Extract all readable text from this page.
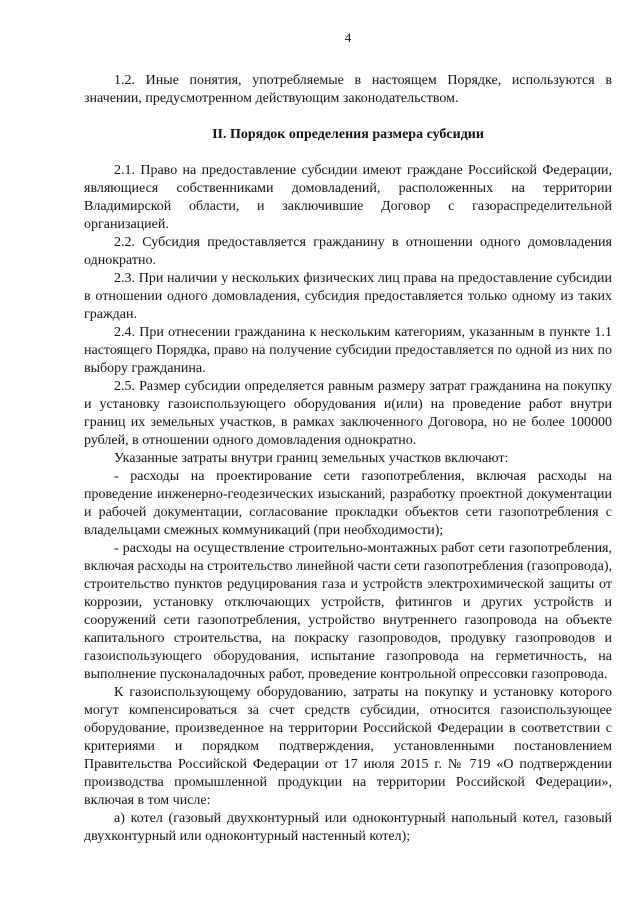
4

1.2. Иные понятия, употребляемые в настоящем Порядке, используются в значении, предусмотренном действующим законодательством.

II. Порядок определения размера субсидии

2.1. Право на предоставление субсидии имеют граждане Российской Федерации, являющиеся собственниками домовладений, расположенных на территории Владимирской области, и заключившие Договор с газораспределительной организацией.

2.2. Субсидия предоставляется гражданину в отношении одного домовладения однократно.

2.3. При наличии у нескольких физических лиц права на предоставление субсидии в отношении одного домовладения, субсидия предоставляется только одному из таких граждан.

2.4. При отнесении гражданина к нескольким категориям, указанным в пункте 1.1 настоящего Порядка, право на получение субсидии предоставляется по одной из них по выбору гражданина.

2.5. Размер субсидии определяется равным размеру затрат гражданина на покупку и установку газоиспользующего оборудования и(или) на проведение работ внутри границ их земельных участков, в рамках заключенного Договора, но не более 100000 рублей, в отношении одного домовладения однократно.

Указанные затраты внутри границ земельных участков включают:

- расходы на проектирование сети газопотребления, включая расходы на проведение инженерно-геодезических изысканий, разработку проектной документации и рабочей документации, согласование прокладки объектов сети газопотребления с владельцами смежных коммуникаций (при необходимости);

- расходы на осуществление строительно-монтажных работ сети газопотребления, включая расходы на строительство линейной части сети газопотребления (газопровода), строительство пунктов редуцирования газа и устройств электрохимической защиты от коррозии, установку отключающих устройств, фитингов и других устройств и сооружений сети газопотребления, устройство внутреннего газопровода на объекте капитального строительства, на покраску газопроводов, продувку газопроводов и газоиспользующего оборудования, испытание газопровода на герметичность, на выполнение пусконаладочных работ, проведение контрольной опрессовки газопровода.

К газоиспользующему оборудованию, затраты на покупку и установку которого могут компенсироваться за счет средств субсидии, относится газоиспользующее оборудование, произведенное на территории Российской Федерации в соответствии с критериями и порядком подтверждения, установленными постановлением Правительства Российской Федерации от 17 июля 2015 г. № 719 «О подтверждении производства промышленной продукции на территории Российской Федерации», включая в том числе:

а) котел (газовый двухконтурный или одноконтурный напольный котел, газовый двухконтурный или одноконтурный настенный котел);
